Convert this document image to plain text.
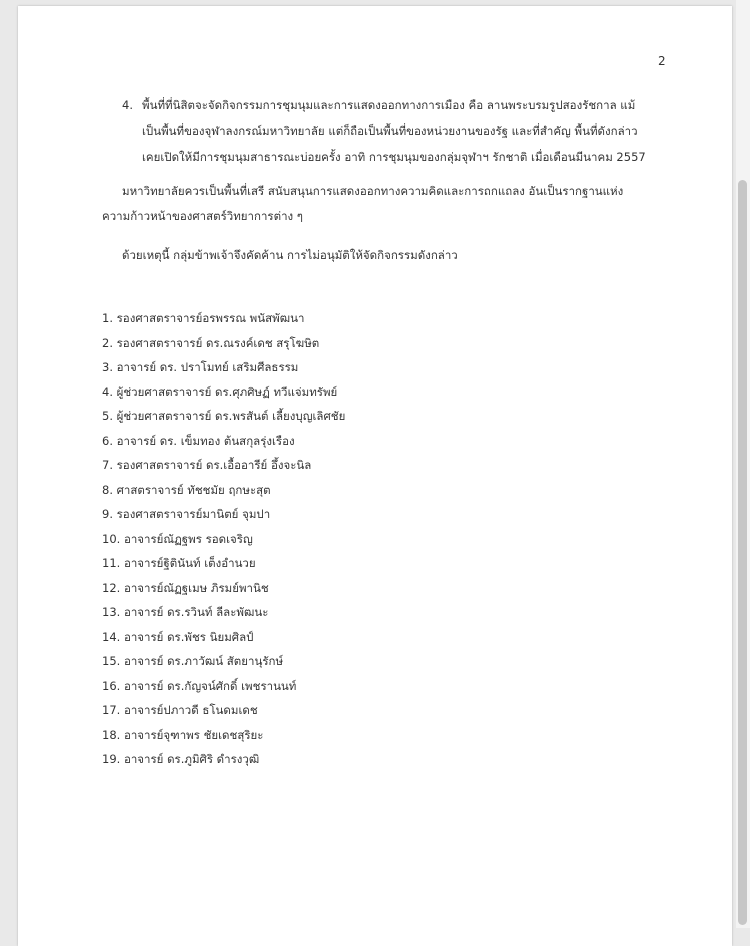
2
4. พื้นที่ที่นิสิตจะจัดกิจกรรมการชุมนุมและการแสดงออกทางการเมือง คือ ลานพระบรมรูปสองรัชกาล แม้
เป็นพื้นที่ของจุฬาลงกรณ์มหาวิทยาลัย แต่ก็ถือเป็นพื้นที่ของหน่วยงานของรัฐ และที่สำคัญ พื้นที่ดังกล่าว
เคยเปิดให้มีการชุมนุมสาธารณะบ่อยครั้ง อาทิ การชุมนุมของกลุ่มจุฬาฯ รักชาติ เมื่อเดือนมีนาคม 2557
มหาวิทยาลัยควรเป็นพื้นที่เสรี สนับสนุนการแสดงออกทางความคิดและการถกแถลง อันเป็นรากฐานแห่ง
ความก้าวหน้าของศาสตร์วิทยาการต่าง ๆ
ด้วยเหตุนี้ กลุ่มข้าพเจ้าจึงคัดค้าน การไม่อนุมัติให้จัดกิจกรรมดังกล่าว
1. รองศาสตราจารย์อรพรรณ พนัสพัฒนา
2. รองศาสตราจารย์ ดร.ณรงค์เดช สรุโฆษิต
3. อาจารย์ ดร. ปราโมทย์ เสริมศีลธรรม
4. ผู้ช่วยศาสตราจารย์ ดร.ศุภศิษฏ์ ทวีแจ่มทรัพย์
5. ผู้ช่วยศาสตราจารย์ ดร.พรสันต์ เลี้ยงบุญเลิศชัย
6. อาจารย์ ดร. เข็มทอง ต้นสกุลรุ่งเรือง
7. รองศาสตราจารย์ ดร.เอื้ออารีย์ อึ้งจะนิล
8. ศาสตราจารย์ ทัชชมัย ฤกษะสุต
9. รองศาสตราจารย์มานิตย์ จุมปา
10. อาจารย์ณัฏฐพร รอดเจริญ
11. อาจารย์ฐิตินันท์ เต็งอำนวย
12. อาจารย์ณัฏฐเมษ ภิรมย์พานิช
13. อาจารย์ ดร.รวินท์ ลีละพัฒนะ
14. อาจารย์ ดร.พัชร นิยมศิลป์
15. อาจารย์ ดร.ภาวัฒน์ สัตยานุรักษ์
16. อาจารย์ ดร.กัญจน์ศักดิ์ เพชรานนท์
17. อาจารย์ปภาวดี ธโนดมเดช
18. อาจารย์จุฑาพร ชัยเดชสุริยะ
19. อาจารย์ ดร.ภูมิศิริ ดำรงวุฒิ
